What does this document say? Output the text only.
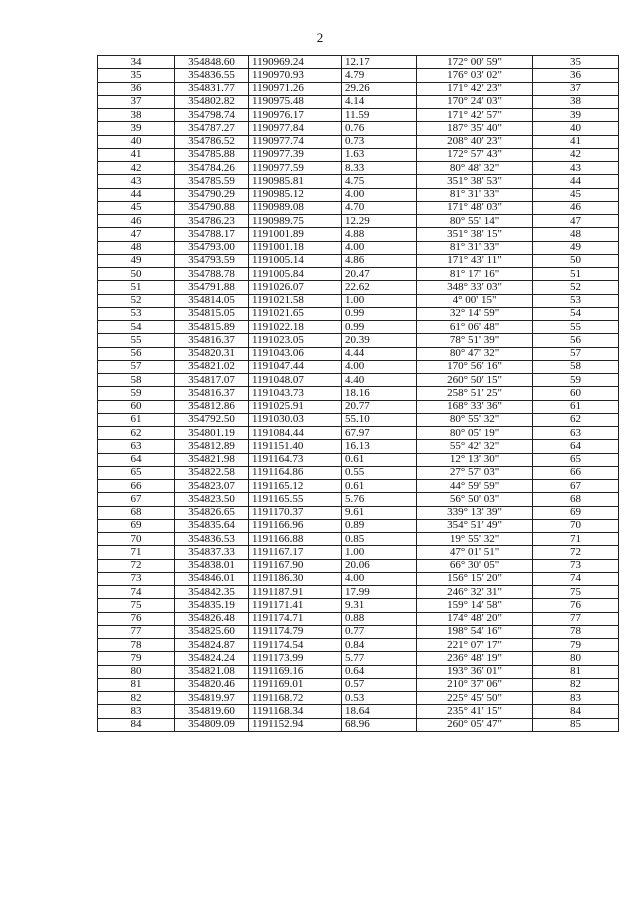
2
34	354848.60	1190969.24	12.17	172° 00' 59"	35
35	354836.55	1190970.93	4.79	176° 03' 02"	36
36	354831.77	1190971.26	29.26	171° 42' 23"	37
37	354802.82	1190975.48	4.14	170° 24' 03"	38
38	354798.74	1190976.17	11.59	171° 42' 57"	39
39	354787.27	1190977.84	0.76	187° 35' 40"	40
40	354786.52	1190977.74	0.73	208° 40' 23"	41
41	354785.88	1190977.39	1.63	172° 57' 43"	42
42	354784.26	1190977.59	8.33	80° 48' 32"	43
43	354785.59	1190985.81	4.75	351° 38' 53"	44
44	354790.29	1190985.12	4.00	81° 31' 33"	45
45	354790.88	1190989.08	4.70	171° 48' 03"	46
46	354786.23	1190989.75	12.29	80° 55' 14"	47
47	354788.17	1191001.89	4.88	351° 38' 15"	48
48	354793.00	1191001.18	4.00	81° 31' 33"	49
49	354793.59	1191005.14	4.86	171° 43' 11"	50
50	354788.78	1191005.84	20.47	81° 17' 16"	51
51	354791.88	1191026.07	22.62	348° 33' 03"	52
52	354814.05	1191021.58	1.00	4° 00' 15"	53
53	354815.05	1191021.65	0.99	32° 14' 59"	54
54	354815.89	1191022.18	0.99	61° 06' 48"	55
55	354816.37	1191023.05	20.39	78° 51' 39"	56
56	354820.31	1191043.06	4.44	80° 47' 32"	57
57	354821.02	1191047.44	4.00	170° 56' 16"	58
58	354817.07	1191048.07	4.40	260° 50' 15"	59
59	354816.37	1191043.73	18.16	258° 51' 25"	60
60	354812.86	1191025.91	20.77	168° 33' 36"	61
61	354792.50	1191030.03	55.10	80° 55' 32"	62
62	354801.19	1191084.44	67.97	80° 05' 19"	63
63	354812.89	1191151.40	16.13	55° 42' 32"	64
64	354821.98	1191164.73	0.61	12° 13' 30"	65
65	354822.58	1191164.86	0.55	27° 57' 03"	66
66	354823.07	1191165.12	0.61	44° 59' 59"	67
67	354823.50	1191165.55	5.76	56° 50' 03"	68
68	354826.65	1191170.37	9.61	339° 13' 39"	69
69	354835.64	1191166.96	0.89	354° 51' 49"	70
70	354836.53	1191166.88	0.85	19° 55' 32"	71
71	354837.33	1191167.17	1.00	47° 01' 51"	72
72	354838.01	1191167.90	20.06	66° 30' 05"	73
73	354846.01	1191186.30	4.00	156° 15' 20"	74
74	354842.35	1191187.91	17.99	246° 32' 31"	75
75	354835.19	1191171.41	9.31	159° 14' 58"	76
76	354826.48	1191174.71	0.88	174° 48' 20"	77
77	354825.60	1191174.79	0.77	198° 54' 16"	78
78	354824.87	1191174.54	0.84	221° 07' 17"	79
79	354824.24	1191173.99	5.77	236° 48' 19"	80
80	354821.08	1191169.16	0.64	193° 36' 01"	81
81	354820.46	1191169.01	0.57	210° 37' 06"	82
82	354819.97	1191168.72	0.53	225° 45' 50"	83
83	354819.60	1191168.34	18.64	235° 41' 15"	84
84	354809.09	1191152.94	68.96	260° 05' 47"	85
